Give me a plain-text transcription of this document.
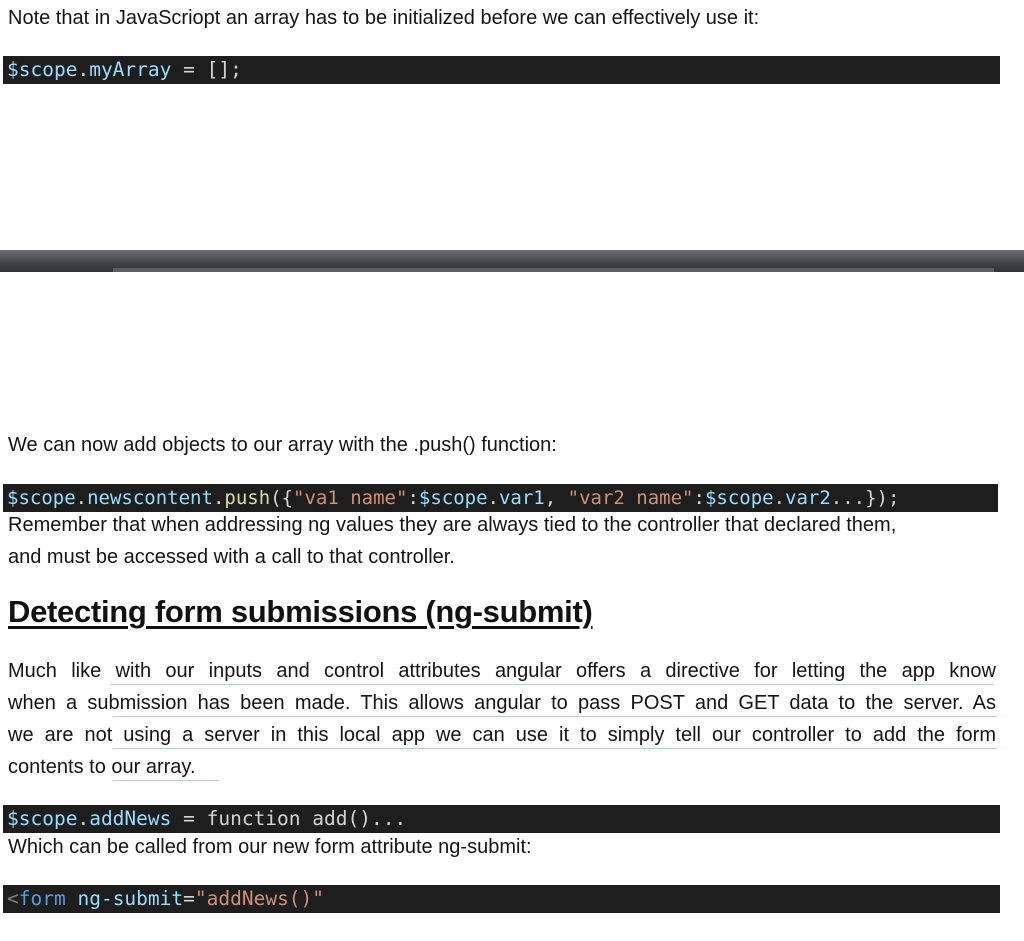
Note that in JavaScriopt an array has to be initialized before we can effectively use it:
$scope.myArray = [];
We can now add objects to our array with the .push() function:
$scope.newscontent.push({"va1 name":$scope.var1, "var2 name":$scope.var2...});
Remember that when addressing ng values they are always tied to the controller that declared them,
and must be accessed with a call to that controller.
Detecting form submissions (ng-submit)
Much like with our inputs and control attributes angular offers a directive for letting the app know
when a submission has been made. This allows angular to pass POST and GET data to the server. As
we are not using a server in this local app we can use it to simply tell our controller to add the form
contents to our array.
$scope.addNews = function add()...
Which can be called from our new form attribute ng-submit:
<form ng-submit="addNews()"
